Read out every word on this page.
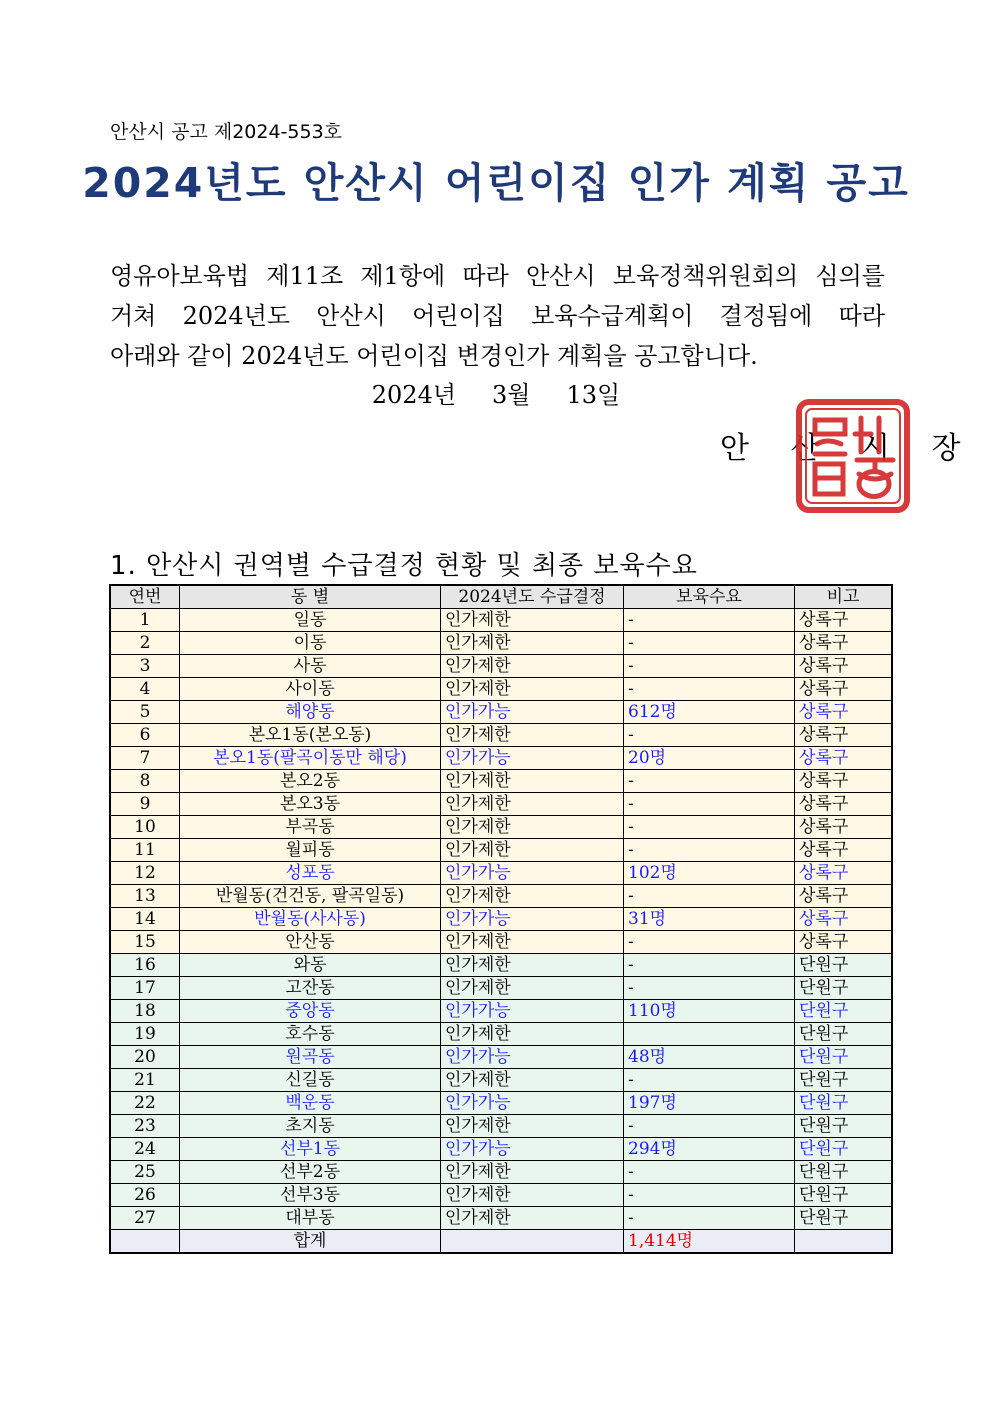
안산시 공고 제2024-553호
2024년도 안산시 어린이집 인가 계획 공고
영유아보육법 제11조 제1항에 따라 안산시 보육정책위원회의 심의를
거쳐 2024년도 안산시 어린이집 보육수급계획이 결정됨에 따라
아래와 같이 2024년도 어린이집 변경인가 계획을 공고합니다.
2024년 3월 13일
안 산 시 장
1. 안산시 권역별 수급결정 현황 및 최종 보육수요
연번	동 별	2024년도 수급결정	보육수요	비고
1	일동	인가제한	-	상록구
2	이동	인가제한	-	상록구
3	사동	인가제한	-	상록구
4	사이동	인가제한	-	상록구
5	해양동	인가가능	612명	상록구
6	본오1동(본오동)	인가제한	-	상록구
7	본오1동(팔곡이동만 해당)	인가가능	20명	상록구
8	본오2동	인가제한	-	상록구
9	본오3동	인가제한	-	상록구
10	부곡동	인가제한	-	상록구
11	월피동	인가제한	-	상록구
12	성포동	인가가능	102명	상록구
13	반월동(건건동, 팔곡일동)	인가제한	-	상록구
14	반월동(사사동)	인가가능	31명	상록구
15	안산동	인가제한	-	상록구
16	와동	인가제한	-	단원구
17	고잔동	인가제한	-	단원구
18	중앙동	인가가능	110명	단원구
19	호수동	인가제한		단원구
20	원곡동	인가가능	48명	단원구
21	신길동	인가제한	-	단원구
22	백운동	인가가능	197명	단원구
23	초지동	인가제한	-	단원구
24	선부1동	인가가능	294명	단원구
25	선부2동	인가제한	-	단원구
26	선부3동	인가제한	-	단원구
27	대부동	인가제한	-	단원구
	합계		1,414명	
